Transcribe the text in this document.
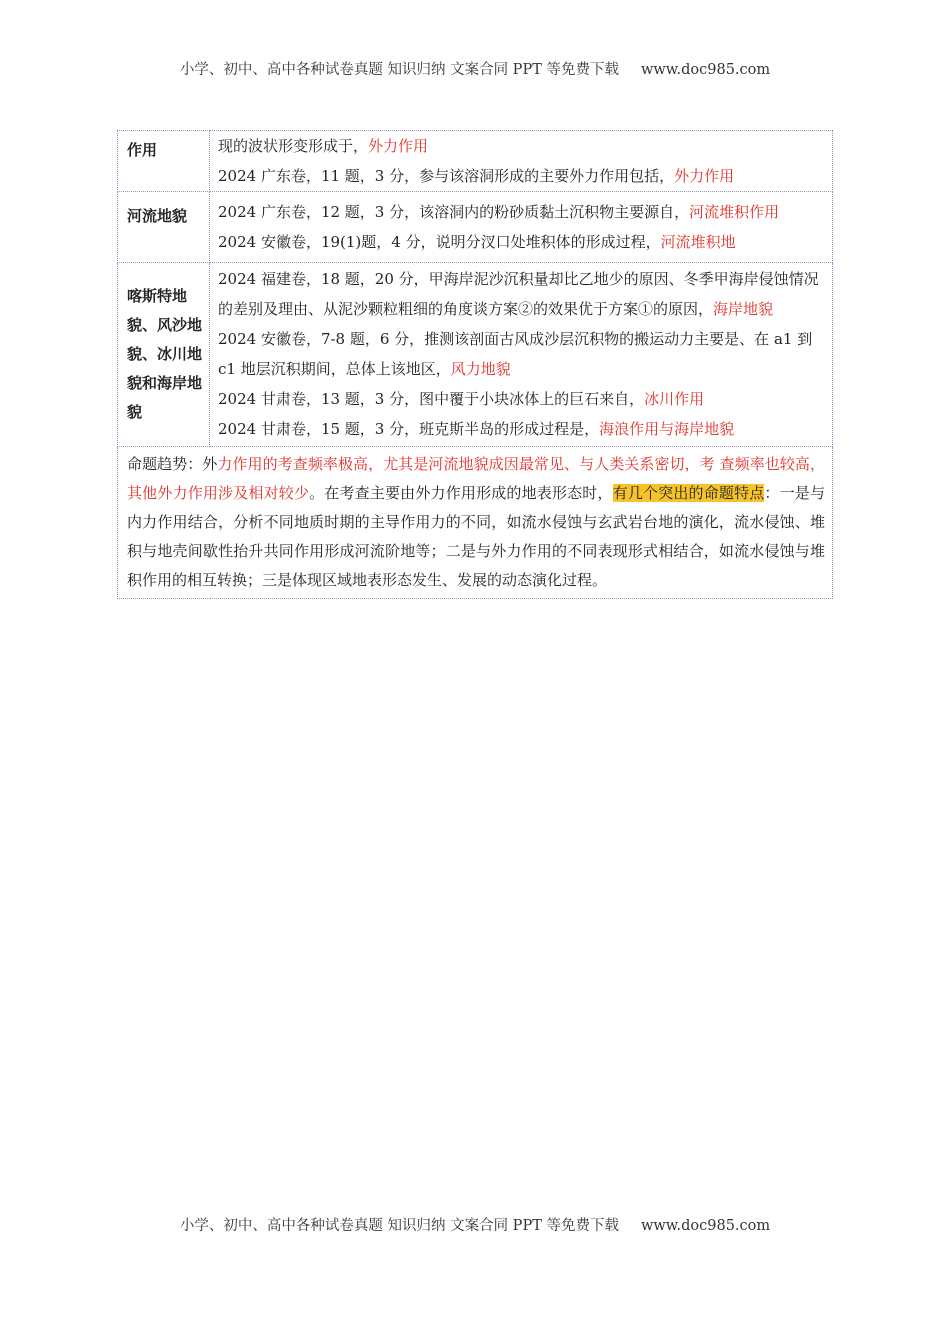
小学、初中、高中各种试卷真题 知识归纳 文案合同 PPT 等免费下载 www.doc985.com
作用	现的波状形变形成于，外力作用

2024 广东卷，11 题，3 分，参与该溶洞形成的主要外力作用包括，外力作用

河流地貌	2024 广东卷，12 题，3 分，该溶洞内的粉砂质黏土沉积物主要源自，河流堆积作用

2024 安徽卷，19(1)题，4 分，说明分汊口处堆积体的形成过程，河流堆积地

喀斯特地貌、风沙地貌、冰川地貌和海岸地貌	2024 福建卷，18 题，20 分，甲海岸泥沙沉积量却比乙地少的原因、冬季甲海岸侵蚀情况的差别及理由、从泥沙颗粒粗细的角度谈方案②的效果优于方案①的原因，海岸地貌

2024 安徽卷，7-8 题，6 分，推测该剖面古风成沙层沉积物的搬运动力主要是、在 a1 到 c1 地层沉积期间，总体上该地区，风力地貌

2024 甘肃卷，13 题，3 分，图中覆于小块冰体上的巨石来自，冰川作用

2024 甘肃卷，15 题，3 分，班克斯半岛的形成过程是，海浪作用与海岸地貌

命题趋势：外力作用的考查频率极高，尤其是河流地貌成因最常见、与人类关系密切，考 查频率也较高，其他外力作用涉及相对较少。在考查主要由外力作用形成的地表形态时，有几个突出的命题特点：一是与内力作用结合，分析不同地质时期的主导作用力的不同，如流水侵蚀与玄武岩台地的演化，流水侵蚀、堆积与地壳间歇性抬升共同作用形成河流阶地等；二是与外力作用的不同表现形式相结合，如流水侵蚀与堆积作用的相互转换；三是体现区域地表形态发生、发展的动态演化过程。	
小学、初中、高中各种试卷真题 知识归纳 文案合同 PPT 等免费下载 www.doc985.com
